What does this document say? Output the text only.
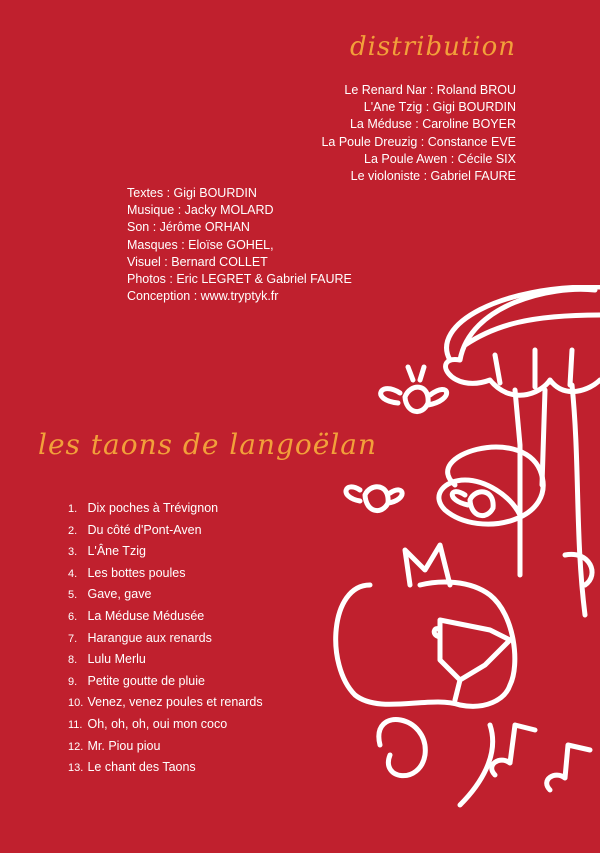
distribution
Le Renard Nar : Roland BROU
L'Ane Tzig : Gigi BOURDIN
La Méduse : Caroline BOYER
La Poule Dreuzig : Constance EVE
La Poule Awen : Cécile SIX
Le violoniste : Gabriel FAURE
Textes : Gigi BOURDIN
Musique : Jacky MOLARD
Son : Jérôme ORHAN
Masques : Eloïse GOHEL,
Visuel : Bernard COLLET
Photos : Eric LEGRET & Gabriel FAURE
Conception : www.tryptyk.fr
les taons de langoëlan
1. Dix poches à Trévignon
2. Du côté d'Pont-Aven
3. L'Âne Tzig
4. Les bottes poules
5. Gave, gave
6. La Méduse Médusée
7. Harangue aux renards
8. Lulu Merlu
9. Petite goutte de pluie
10. Venez, venez poules et renards
11. Oh, oh, oh, oui mon coco
12. Mr. Piou piou
13. Le chant des Taons
